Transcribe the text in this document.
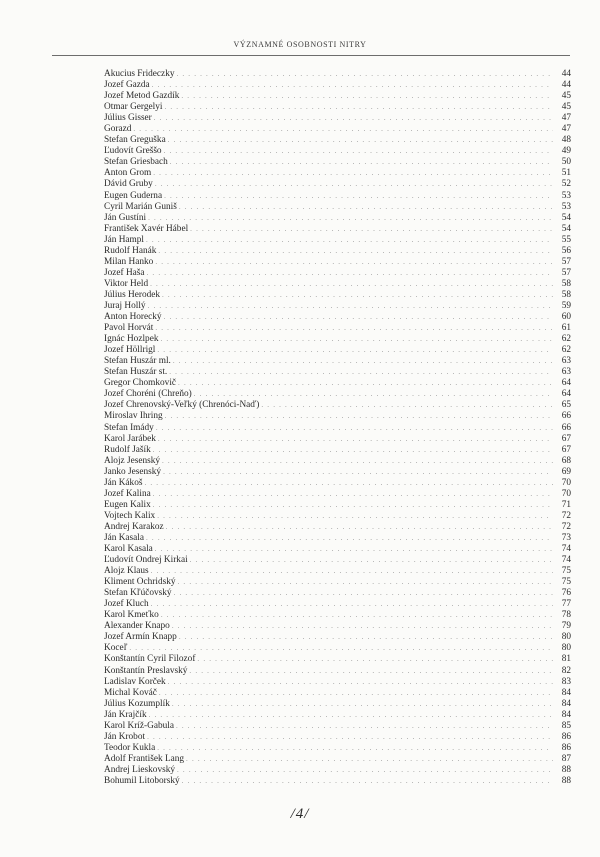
VÝZNAMNÉ OSOBNOSTI NITRY
Akucius Frideczky . . .	44
Jozef Gazda . . .	44
Jozef Metod Gazdík . . .	45
Otmar Gergelyi . . .	45
Július Gisser . . .	47
Gorazd . . .	47
Štefan Greguška . . .	48
Ľudovít Greššo . . .	49
Štefan Griesbach . . .	50
Anton Grom . . .	51
Dávid Gruby . . .	52
Eugen Guderna . . .	53
Cyril Marián Guniš . . .	53
Ján Gustíni . . .	54
František Xavér Hábel . . .	54
Ján Hampl . . .	55
Rudolf Hanák . . .	56
Milan Hanko . . .	57
Jozef Haša . . .	57
Viktor Held . . .	58
Július Herodek . . .	58
Juraj Hollý . . .	59
Anton Horecký . . .	60
Pavol Horvát . . .	61
Ignác Hozlpek . . .	62
Jozef Höllrigl . . .	62
Štefan Huszár ml. . . .	63
Štefan Huszár st. . . .	63
Gregor Chomkovič . . .	64
Jozef Choréni (Chreňo) . . .	64
Jozef Chrenovský-Veľký (Chrenóci-Naď) . . .	65
Miroslav Ihring . . .	66
Štefan Imády . . .	66
Karol Jarábek . . .	67
Rudolf Jašík . . .	67
Alojz Jesenský . . .	68
Janko Jesenský . . .	69
Ján Kákoš . . .	70
Jozef Kalina . . .	70
Eugen Kalix . . .	71
Vojtech Kalix . . .	72
Andrej Karakoz . . .	72
Ján Kasala . . .	73
Karol Kasala . . .	74
Ľudovít Ondrej Kirkai . . .	74
Alojz Klaus . . .	75
Kliment Ochridský . . .	75
Štefan Kľúčovský . . .	76
Jozef Kluch . . .	77
Karol Kmeťko . . .	78
Alexander Knapo . . .	79
Jozef Armín Knapp . . .	80
Koceľ . . .	80
Konštantín Cyril Filozof . . .	81
Konštantín Preslavský . . .	82
Ladislav Korček . . .	83
Michal Kováč . . .	84
Július Kozumplík . . .	84
Ján Krajčík . . .	84
Karol Kríž-Gabula . . .	85
Ján Krobot . . .	86
Teodor Kukla . . .	86
Adolf František Lang . . .	87
Andrej Lieskovský . . .	88
Bohumil Litoborský . . .	88
/4/
